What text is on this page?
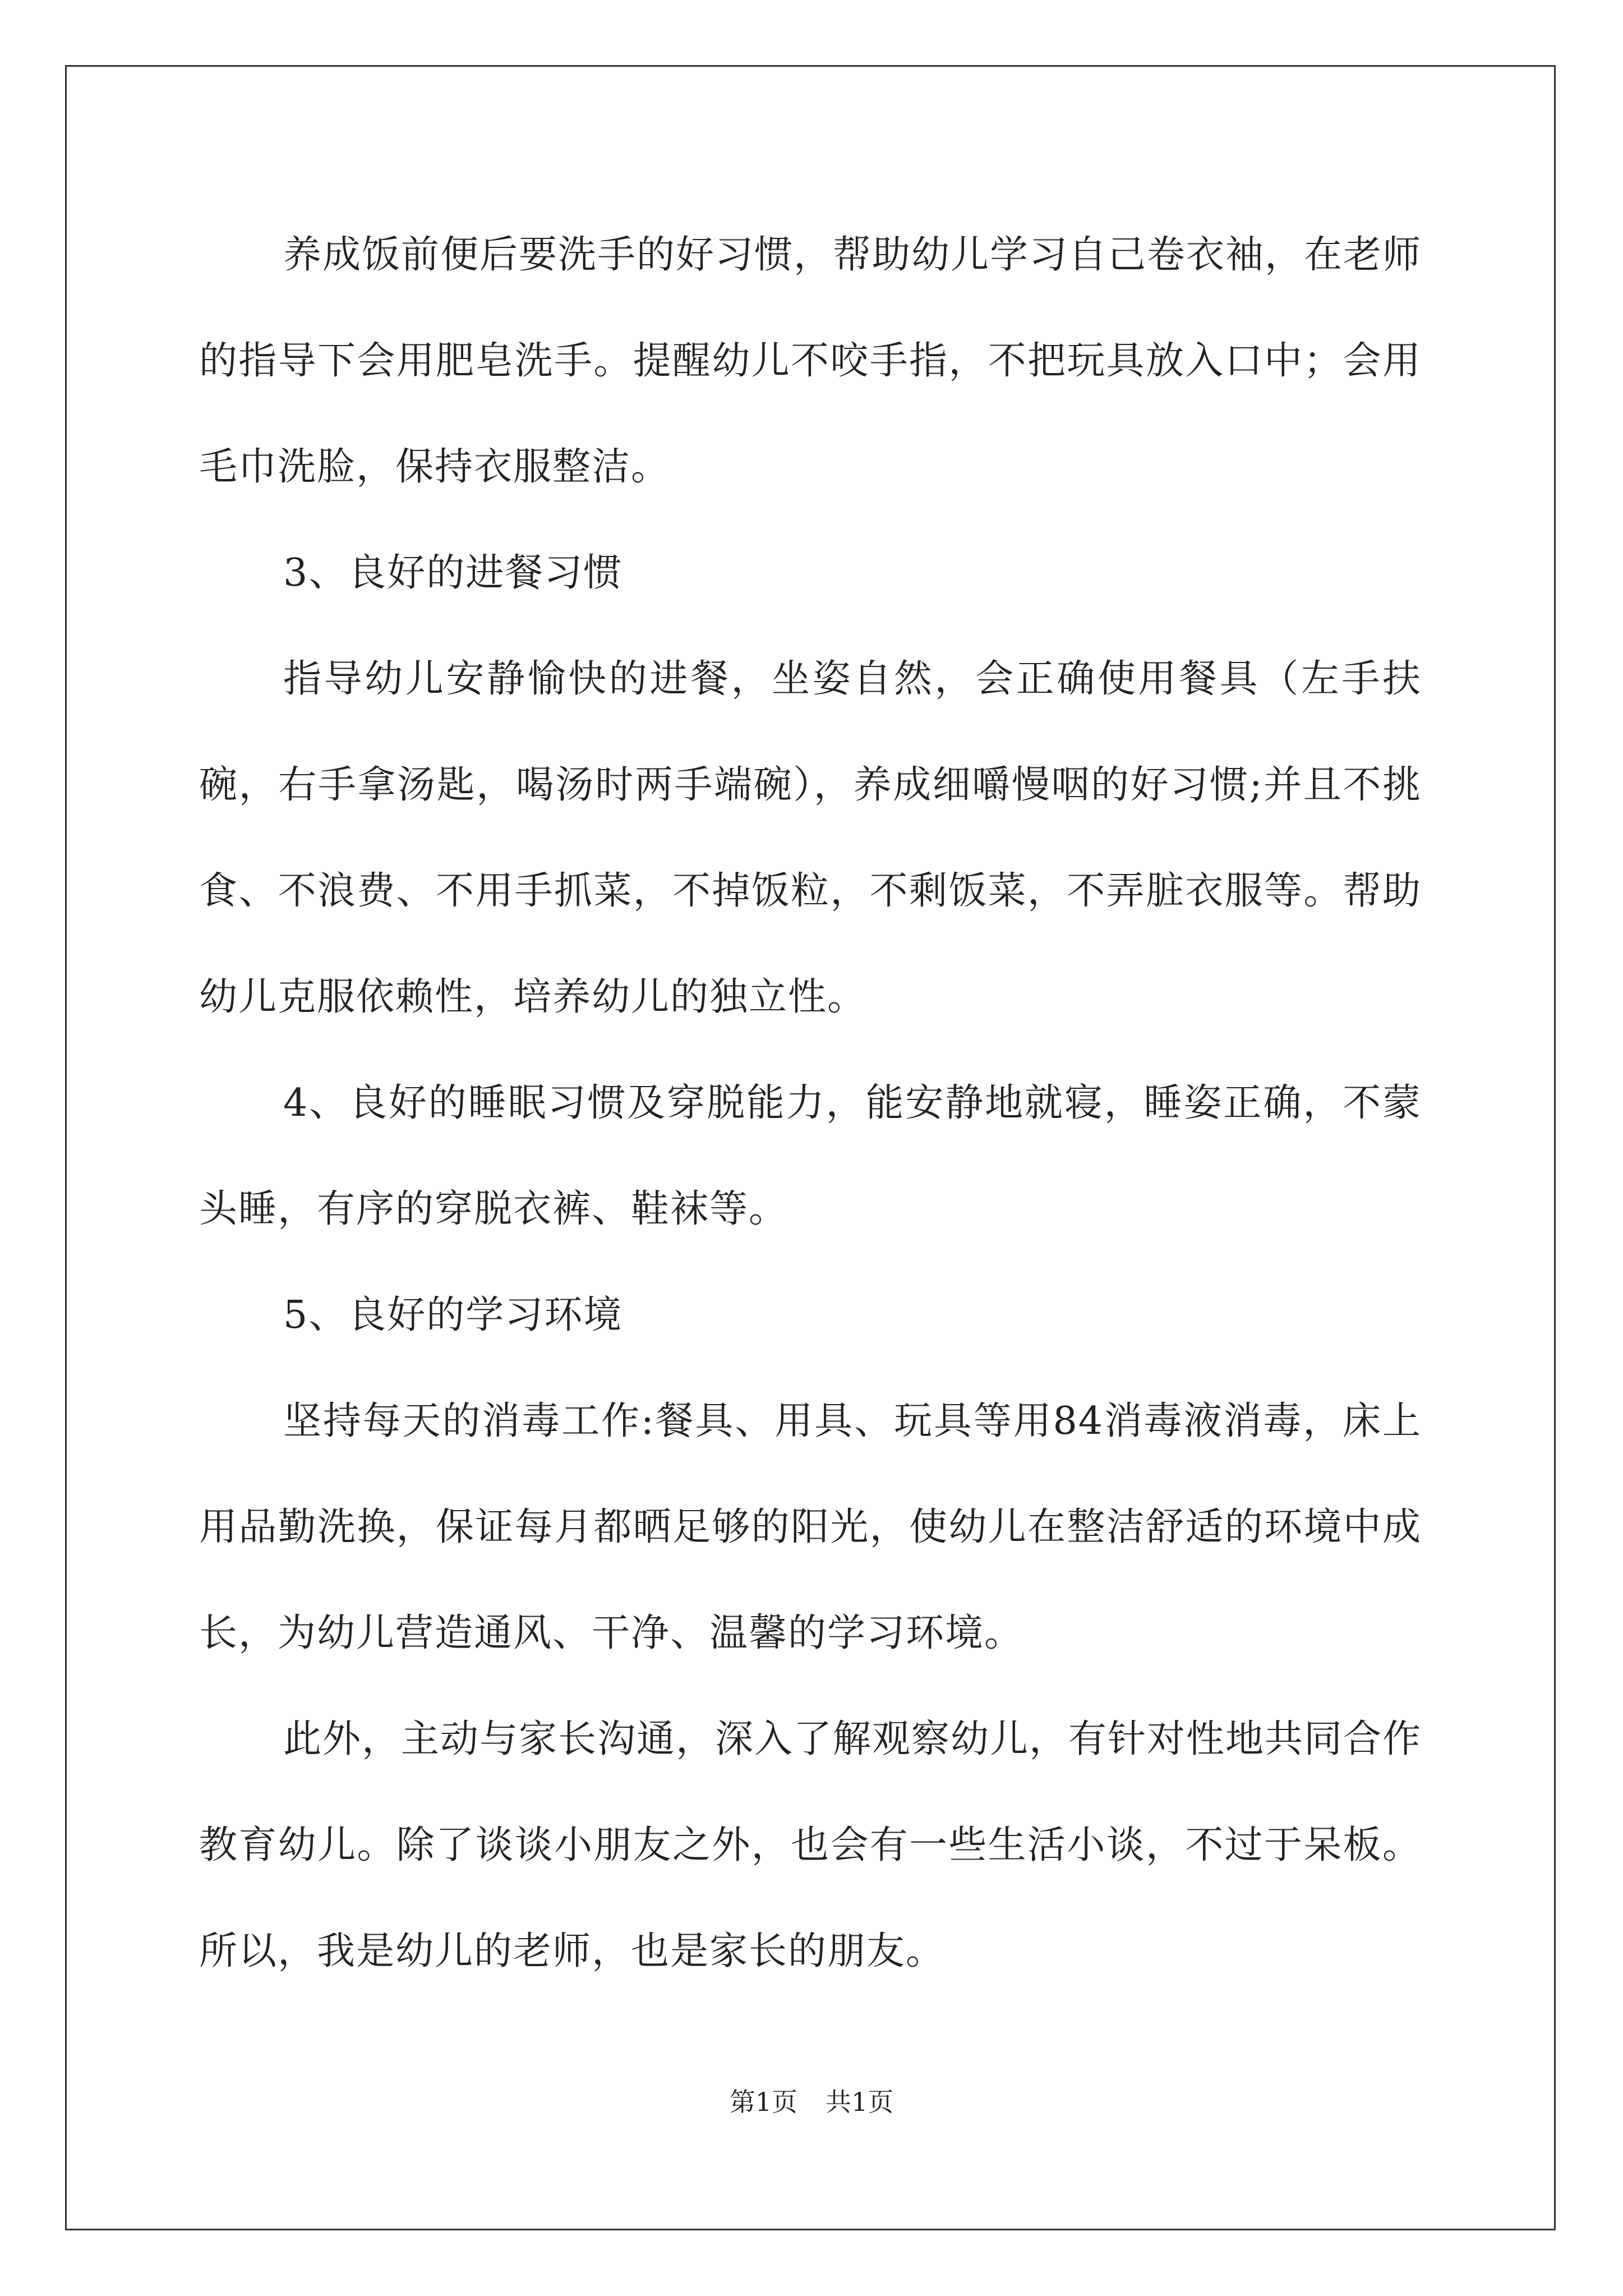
养成饭前便后要洗手的好习惯，帮助幼儿学习自己卷衣袖，在老师的指导下会用肥皂洗手。提醒幼儿不咬手指，不把玩具放入口中；会用毛巾洗脸，保持衣服整洁。

3、良好的进餐习惯

指导幼儿安静愉快的进餐，坐姿自然，会正确使用餐具（左手扶碗，右手拿汤匙，喝汤时两手端碗），养成细嚼慢咽的好习惯;并且不挑食、不浪费、不用手抓菜，不掉饭粒，不剩饭菜，不弄脏衣服等。帮助幼儿克服依赖性，培养幼儿的独立性。

4、良好的睡眠习惯及穿脱能力，能安静地就寝，睡姿正确，不蒙头睡，有序的穿脱衣裤、鞋袜等。

5、良好的学习环境

坚持每天的消毒工作:餐具、用具、玩具等用84消毒液消毒，床上用品勤洗换，保证每月都晒足够的阳光，使幼儿在整洁舒适的环境中成长，为幼儿营造通风、干净、温馨的学习环境。

此外，主动与家长沟通，深入了解观察幼儿，有针对性地共同合作教育幼儿。除了谈谈小朋友之外，也会有一些生活小谈，不过于呆板。所以，我是幼儿的老师，也是家长的朋友。

第1页 共1页
